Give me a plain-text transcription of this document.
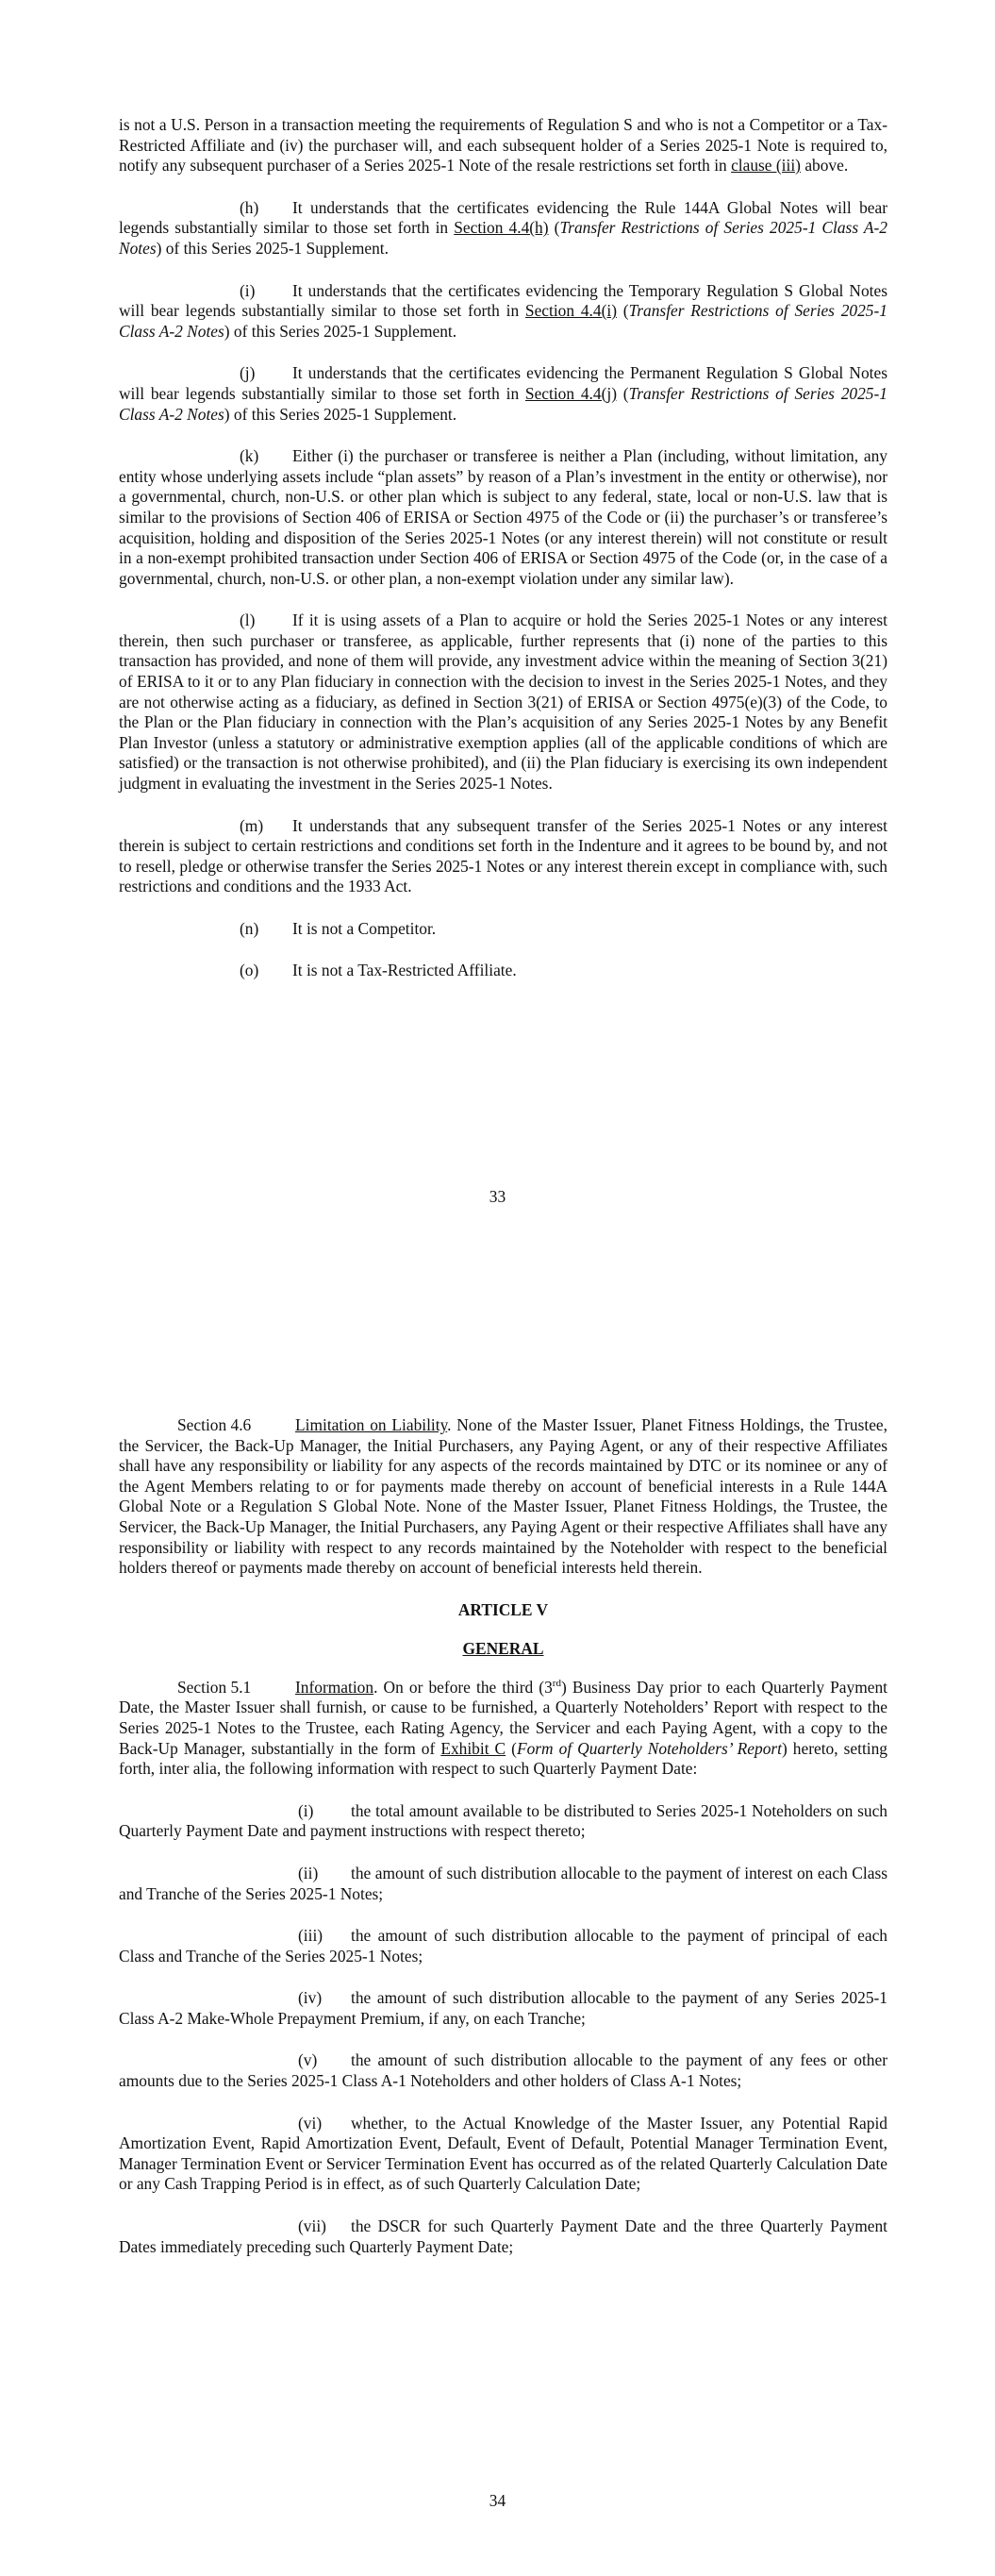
is not a U.S. Person in a transaction meeting the requirements of Regulation S and who is not a Competitor or a Tax-Restricted Affiliate and (iv) the purchaser will, and each subsequent holder of a Series 2025-1 Note is required to, notify any subsequent purchaser of a Series 2025-1 Note of the resale restrictions set forth in clause (iii) above.

(h) It understands that the certificates evidencing the Rule 144A Global Notes will bear legends substantially similar to those set forth in Section 4.4(h) (Transfer Restrictions of Series 2025-1 Class A-2 Notes) of this Series 2025-1 Supplement.

(i) It understands that the certificates evidencing the Temporary Regulation S Global Notes will bear legends substantially similar to those set forth in Section 4.4(i) (Transfer Restrictions of Series 2025-1 Class A-2 Notes) of this Series 2025-1 Supplement.

(j) It understands that the certificates evidencing the Permanent Regulation S Global Notes will bear legends substantially similar to those set forth in Section 4.4(j) (Transfer Restrictions of Series 2025-1 Class A-2 Notes) of this Series 2025-1 Supplement.

(k) Either (i) the purchaser or transferee is neither a Plan (including, without limitation, any entity whose underlying assets include “plan assets” by reason of a Plan’s investment in the entity or otherwise), nor a governmental, church, non-U.S. or other plan which is subject to any federal, state, local or non-U.S. law that is similar to the provisions of Section 406 of ERISA or Section 4975 of the Code or (ii) the purchaser’s or transferee’s acquisition, holding and disposition of the Series 2025-1 Notes (or any interest therein) will not constitute or result in a non-exempt prohibited transaction under Section 406 of ERISA or Section 4975 of the Code (or, in the case of a governmental, church, non-U.S. or other plan, a non-exempt violation under any similar law).

(l) If it is using assets of a Plan to acquire or hold the Series 2025-1 Notes or any interest therein, then such purchaser or transferee, as applicable, further represents that (i) none of the parties to this transaction has provided, and none of them will provide, any investment advice within the meaning of Section 3(21) of ERISA to it or to any Plan fiduciary in connection with the decision to invest in the Series 2025-1 Notes, and they are not otherwise acting as a fiduciary, as defined in Section 3(21) of ERISA or Section 4975(e)(3) of the Code, to the Plan or the Plan fiduciary in connection with the Plan’s acquisition of any Series 2025-1 Notes by any Benefit Plan Investor (unless a statutory or administrative exemption applies (all of the applicable conditions of which are satisfied) or the transaction is not otherwise prohibited), and (ii) the Plan fiduciary is exercising its own independent judgment in evaluating the investment in the Series 2025-1 Notes.

(m) It understands that any subsequent transfer of the Series 2025-1 Notes or any interest therein is subject to certain restrictions and conditions set forth in the Indenture and it agrees to be bound by, and not to resell, pledge or otherwise transfer the Series 2025-1 Notes or any interest therein except in compliance with, such restrictions and conditions and the 1933 Act.

(n) It is not a Competitor.

(o) It is not a Tax-Restricted Affiliate.

33

Section 4.6	Limitation on Liability. None of the Master Issuer, Planet Fitness Holdings, the Trustee, the Servicer, the Back-Up Manager, the Initial Purchasers, any Paying Agent, or any of their respective Affiliates shall have any responsibility or liability for any aspects of the records maintained by DTC or its nominee or any of the Agent Members relating to or for payments made thereby on account of beneficial interests in a Rule 144A Global Note or a Regulation S Global Note. None of the Master Issuer, Planet Fitness Holdings, the Trustee, the Servicer, the Back-Up Manager, the Initial Purchasers, any Paying Agent or their respective Affiliates shall have any responsibility or liability with respect to any records maintained by the Noteholder with respect to the beneficial holders thereof or payments made thereby on account of beneficial interests held therein.

ARTICLE V
GENERAL

Section 5.1	Information. On or before the third (3rd) Business Day prior to each Quarterly Payment Date, the Master Issuer shall furnish, or cause to be furnished, a Quarterly Noteholders’ Report with respect to the Series 2025-1 Notes to the Trustee, each Rating Agency, the Servicer and each Paying Agent, with a copy to the Back-Up Manager, substantially in the form of Exhibit C (Form of Quarterly Noteholders’ Report) hereto, setting forth, inter alia, the following information with respect to such Quarterly Payment Date:

(i) the total amount available to be distributed to Series 2025-1 Noteholders on such Quarterly Payment Date and payment instructions with respect thereto;

(ii) the amount of such distribution allocable to the payment of interest on each Class and Tranche of the Series 2025-1 Notes;

(iii) the amount of such distribution allocable to the payment of principal of each Class and Tranche of the Series 2025-1 Notes;

(iv) the amount of such distribution allocable to the payment of any Series 2025-1 Class A-2 Make-Whole Prepayment Premium, if any, on each Tranche;

(v) the amount of such distribution allocable to the payment of any fees or other amounts due to the Series 2025-1 Class A-1 Noteholders and other holders of Class A-1 Notes;

(vi) whether, to the Actual Knowledge of the Master Issuer, any Potential Rapid Amortization Event, Rapid Amortization Event, Default, Event of Default, Potential Manager Termination Event, Manager Termination Event or Servicer Termination Event has occurred as of the related Quarterly Calculation Date or any Cash Trapping Period is in effect, as of such Quarterly Calculation Date;

(vii) the DSCR for such Quarterly Payment Date and the three Quarterly Payment Dates immediately preceding such Quarterly Payment Date;

34
